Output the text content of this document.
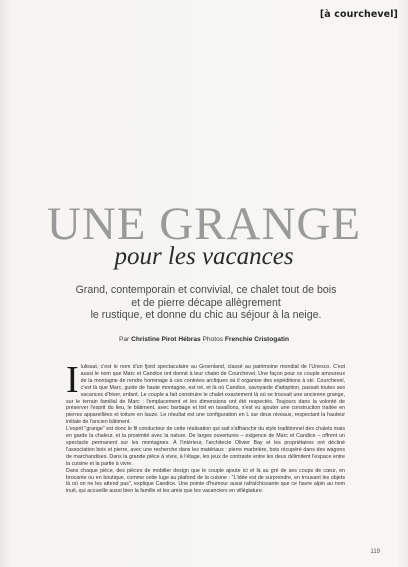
[à courchevel]
UNE GRANGE
pour les vacances
Grand, contemporain et convivial, ce chalet tout de bois
et de pierre décape allègrement
le rustique, et donne du chic au séjour à la neige.
Par Christine Pirot Hébras Photos Frenchie Cristogatin

Ilulissat, c'est le nom d'un fjord spectaculaire au Groenland, classé au patrimoine mondial de l'Unesco. C'est aussi le nom que Marc et Candice ont donné à leur chalet de Courchevel. Une façon pour ce couple amoureux de la montagne de rendre hommage à ces contrées arctiques où il organise des expéditions à ski. Courchevel, c'est là que Marc, guide de haute montagne, est né, et là où Candice, savoyarde d'adoption, passait toutes ses vacances d'hiver, enfant. Le couple a fait construire le chalet exactement là où se trouvait une ancienne grange, sur le terrain familial de Marc : l'emplacement et les dimensions ont été respectés. Toujours dans la volonté de préserver l'esprit du lieu, le bâtiment, avec bardage et toit en tavaillons, s'est vu ajouter une construction traitée en pierres appareillées et toiture en lauze. Le résultat est une configuration en L sur deux niveaux, respectant la hauteur initiale de l'ancien bâtiment.

L'esprit "grange" est donc le fil conducteur de cette réalisation qui sait s'affranchir du style traditionnel des chalets mais en garde la chaleur, et la proximité avec la nature. De larges ouvertures – exigence de Marc et Candice – offrent un spectacle permanent sur les montagnes. À l'intérieur, l'architecte Olivier Bay et les propriétaires ont décliné l'association bois et pierre, avec une recherche dans les matériaux : pierre marbrière, bois récupéré dans des wagons de marchandises. Dans la grande pièce à vivre, à l'étage, les jeux de contraste entre les deux délimitent l'espace entre la cuisine et la partie à vivre.

Dans chaque pièce, des pièces de mobilier design que le couple ajoute ici et là au gré de ses coups de cœur, en brocante ou en boutique, comme cette luge au plafond de la cuisine : "L'idée est de surprendre, en trouvant les objets là où on ne les attend pas", explique Candice. Une pointe d'humour aussi rafraîchissante que ce havre alpin au nom inuit, qui accueille aussi bien la famille et les amis que les vacanciers en villégiature.

119
